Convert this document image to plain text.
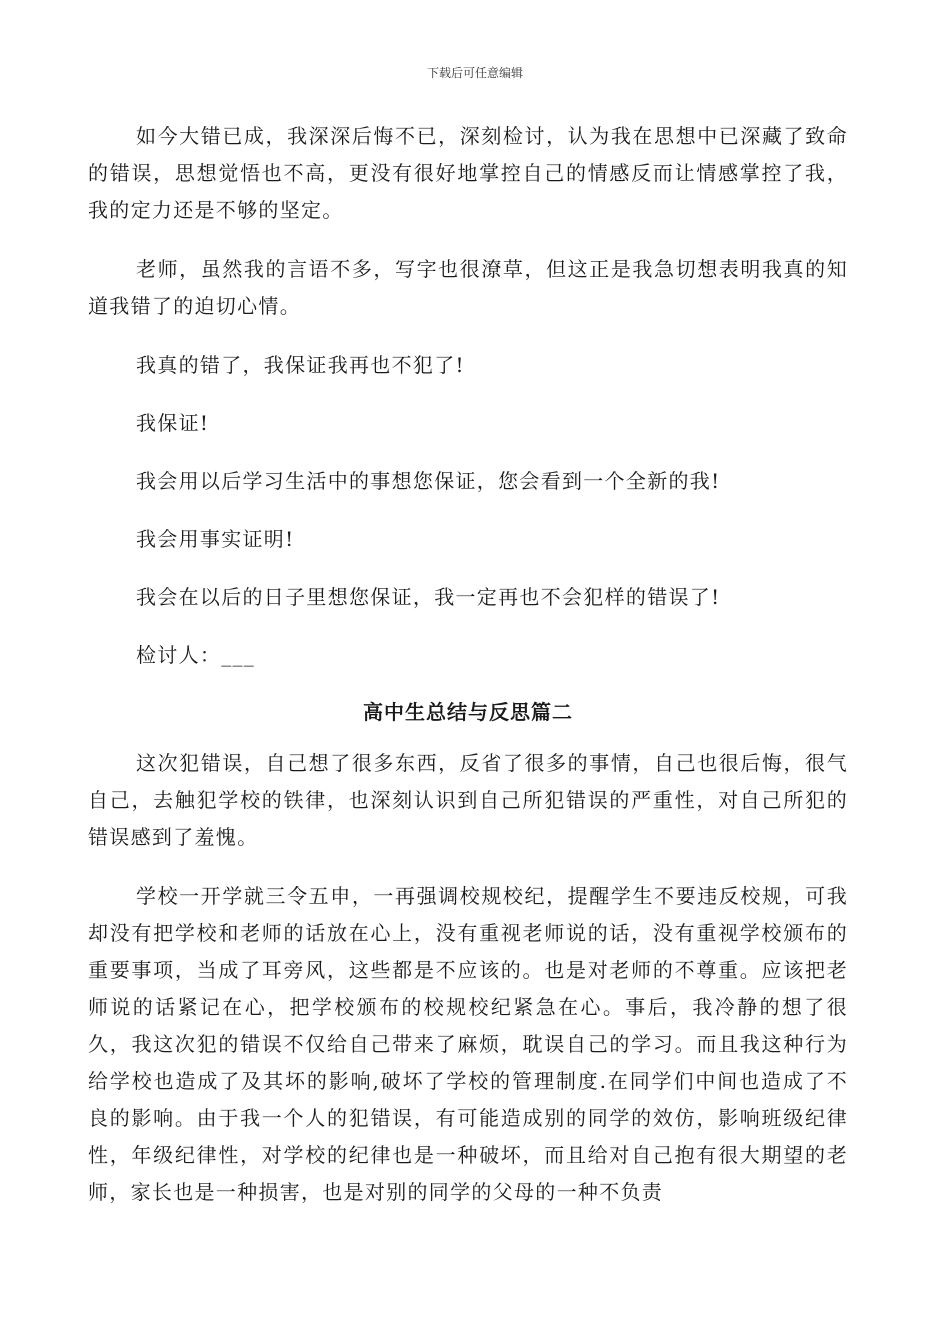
下载后可任意编辑

如今大错已成，我深深后悔不已，深刻检讨，认为我在思想中已深藏了致命的错误，思想觉悟也不高，更没有很好地掌控自己的情感反而让情感掌控了我，我的定力还是不够的坚定。

老师，虽然我的言语不多，写字也很潦草，但这正是我急切想表明我真的知道我错了的迫切心情。

我真的错了，我保证我再也不犯了!

我保证!

我会用以后学习生活中的事想您保证，您会看到一个全新的我!

我会用事实证明!

我会在以后的日子里想您保证，我一定再也不会犯样的错误了!

检讨人：___

高中生总结与反思篇二

这次犯错误，自己想了很多东西，反省了很多的事情，自己也很后悔，很气自己，去触犯学校的铁律，也深刻认识到自己所犯错误的严重性，对自己所犯的错误感到了羞愧。

学校一开学就三令五申，一再强调校规校纪，提醒学生不要违反校规，可我却没有把学校和老师的话放在心上，没有重视老师说的话，没有重视学校颁布的重要事项，当成了耳旁风，这些都是不应该的。也是对老师的不尊重。应该把老师说的话紧记在心，把学校颁布的校规校纪紧急在心。事后，我冷静的想了很久，我这次犯的错误不仅给自己带来了麻烦，耽误自己的学习。而且我这种行为给学校也造成了及其坏的影响,破坏了学校的管理制度.在同学们中间也造成了不良的影响。由于我一个人的犯错误，有可能造成别的同学的效仿，影响班级纪律性，年级纪律性，对学校的纪律也是一种破坏，而且给对自己抱有很大期望的老师，家长也是一种损害，也是对别的同学的父母的一种不负责
